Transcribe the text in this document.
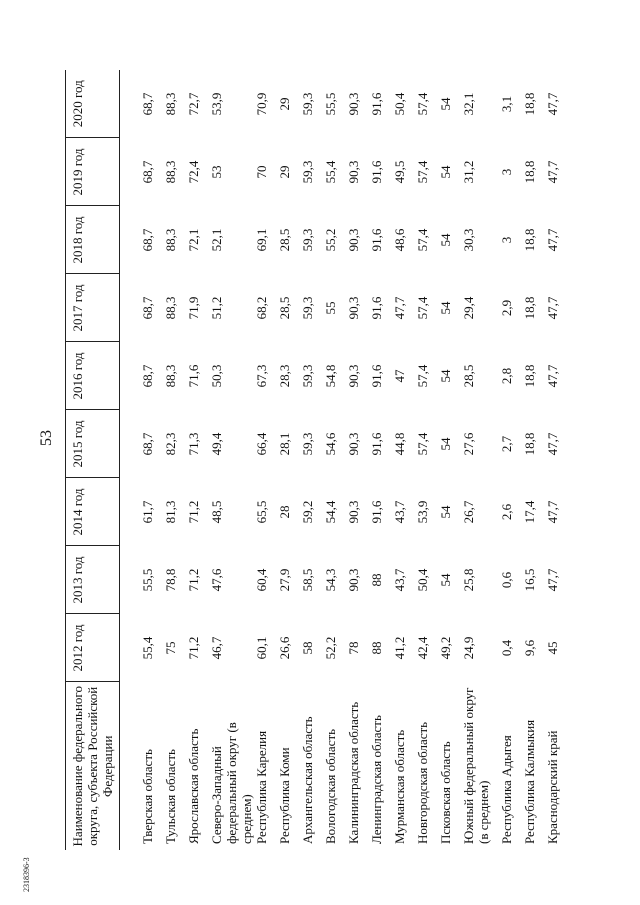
53
2318396-3
Наименование федерального округа, субъекта Российской Федерации	2012 год	2013 год	2014 год	2015 год	2016 год	2017 год	2018 год	2019 год	2020 год
Тверская область	55,4	55,5	61,7	68,7	68,7	68,7	68,7	68,7	68,7
Тульская область	75	78,8	81,3	82,3	88,3	88,3	88,3	88,3	88,3
Ярославская область	71,2	71,2	71,2	71,3	71,6	71,9	72,1	72,4	72,7
Северо-Западный федеральный округ (в среднем)	46,7	47,6	48,5	49,4	50,3	51,2	52,1	53	53,9
Республика Карелия	60,1	60,4	65,5	66,4	67,3	68,2	69,1	70	70,9
Республика Коми	26,6	27,9	28	28,1	28,3	28,5	28,5	29	29
Архангельская область	58	58,5	59,2	59,3	59,3	59,3	59,3	59,3	59,3
Вологодская область	52,2	54,3	54,4	54,6	54,8	55	55,2	55,4	55,5
Калининградская область	78	90,3	90,3	90,3	90,3	90,3	90,3	90,3	90,3
Ленинградская область	88	88	91,6	91,6	91,6	91,6	91,6	91,6	91,6
Мурманская область	41,2	43,7	43,7	44,8	47	47,7	48,6	49,5	50,4
Новгородская область	42,4	50,4	53,9	57,4	57,4	57,4	57,4	57,4	57,4
Псковская область	49,2	54	54	54	54	54	54	54	54
Южный федеральный округ (в среднем)	24,9	25,8	26,7	27,6	28,5	29,4	30,3	31,2	32,1
Республика Адыгея	0,4	0,6	2,6	2,7	2,8	2,9	3	3	3,1
Республика Калмыкия	9,6	16,5	17,4	18,8	18,8	18,8	18,8	18,8	18,8
Краснодарский край	45	47,7	47,7	47,7	47,7	47,7	47,7	47,7	47,7
